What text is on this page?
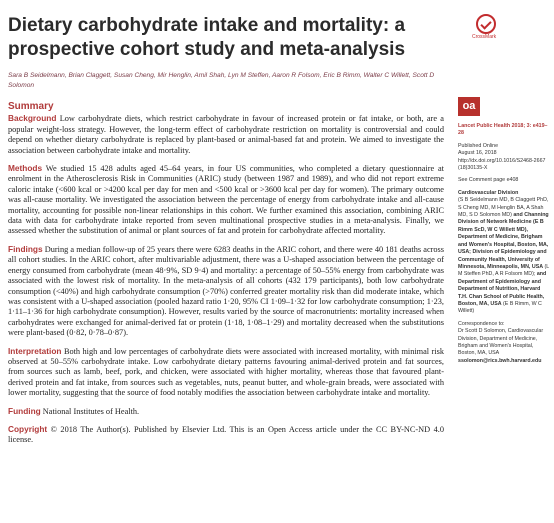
Dietary carbohydrate intake and mortality: a prospective cohort study and meta-analysis
CrossMark
Sara B Seidelmann, Brian Claggett, Susan Cheng, Mir Henglin, Amil Shah, Lyn M Steffen, Aaron R Folsom, Eric B Rimm, Walter C Willett, Scott D Solomon
oa
Summary

Background Low carbohydrate diets, which restrict carbohydrate in favour of increased protein or fat intake, or both, are a popular weight-loss strategy. However, the long-term effect of carbohydrate restriction on mortality is controversial and could depend on whether dietary carbohydrate is replaced by plant-based or animal-based fat and protein. We aimed to investigate the association between carbohydrate intake and mortality.

Methods We studied 15 428 adults aged 45–64 years, in four US communities, who completed a dietary questionnaire at enrolment in the Atherosclerosis Risk in Communities (ARIC) study (between 1987 and 1989), and who did not report extreme caloric intake (<600 kcal or >4200 kcal per day for men and <500 kcal or >3600 kcal per day for women). The primary outcome was all-cause mortality. We investigated the association between the percentage of energy from carbohydrate intake and all-cause mortality, accounting for possible non-linear relationships in this cohort. We further examined this association, combining ARIC data with data for carbohydrate intake reported from seven multinational prospective studies in a meta-analysis. Finally, we assessed whether the substitution of animal or plant sources of fat and protein for carbohydrate affected mortality.

Findings During a median follow-up of 25 years there were 6283 deaths in the ARIC cohort, and there were 40 181 deaths across all cohort studies. In the ARIC cohort, after multivariable adjustment, there was a U-shaped association between the percentage of energy consumed from carbohydrate (mean 48·9%, SD 9·4) and mortality: a percentage of 50–55% energy from carbohydrate was associated with the lowest risk of mortality. In the meta-analysis of all cohorts (432 179 participants), both low carbohydrate consumption (<40%) and high carbohydrate consumption (>70%) conferred greater mortality risk than did moderate intake, which was consistent with a U-shaped association (pooled hazard ratio 1·20, 95% CI 1·09–1·32 for low carbohydrate consumption; 1·23, 1·11–1·36 for high carbohydrate consumption). However, results varied by the source of macronutrients: mortality increased when carbohydrates were exchanged for animal-derived fat or protein (1·18, 1·08–1·29) and mortality decreased when the substitutions were plant-based (0·82, 0·78–0·87).

Interpretation Both high and low percentages of carbohydrate diets were associated with increased mortality, with minimal risk observed at 50–55% carbohydrate intake. Low carbohydrate dietary patterns favouring animal-derived protein and fat sources, from sources such as lamb, beef, pork, and chicken, were associated with higher mortality, whereas those that favoured plant-derived protein and fat intake, from sources such as vegetables, nuts, peanut butter, and whole-grain breads, were associated with lower mortality, suggesting that the source of food notably modifies the association between carbohydrate intake and mortality.

Funding National Institutes of Health.

Copyright © 2018 The Author(s). Published by Elsevier Ltd. This is an Open Access article under the CC BY-NC-ND 4.0 license.

Lancet Public Health 2018; 3: e419–28

Published Online
August 16, 2018
http://dx.doi.org/10.1016/S2468-2667(18)30135-X

See Comment page e408

Cardiovascular Division
(S B Seidelmann MD, B Claggett PhD, S Cheng MD, M Henglin BA, A Shah MD, S D Solomon MD) and Channing Division of Network Medicine (E B Rimm ScD, W C Willett MD), Department of Medicine, Brigham and Women's Hospital, Boston, MA, USA; Division of Epidemiology and Community Health, University of Minnesota, Minneapolis, MN, USA (L M Steffen PhD, A R Folsom MD); and Department of Epidemiology and Department of Nutrition, Harvard T.H. Chan School of Public Health, Boston, MA, USA (E B Rimm, W C Willett)

Correspondence to:
Dr Scott D Solomon, Cardiovascular Division, Department of Medicine, Brigham and Women's Hospital, Boston, MA, USA
ssolomon@rics.bwh.harvard.edu
